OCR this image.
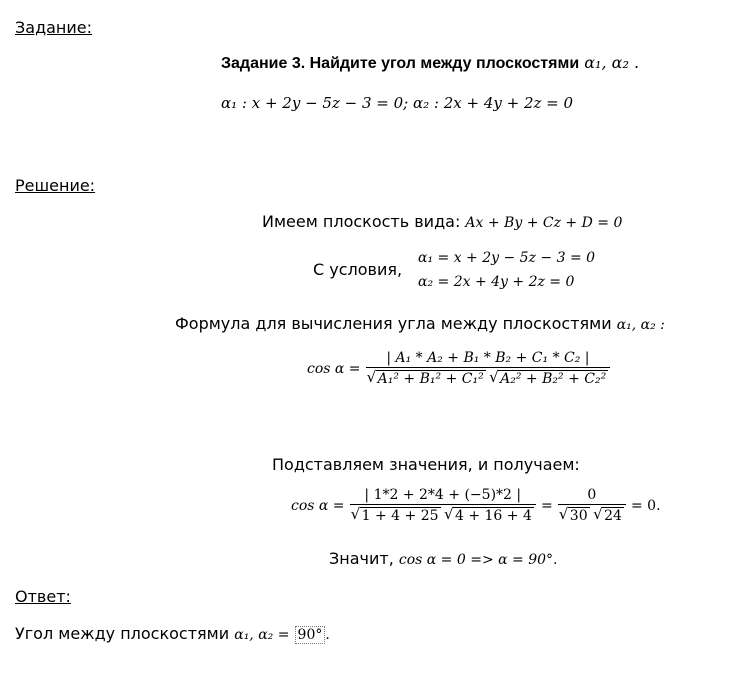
Задание:
Задание 3. Найдите угол между плоскостями α₁, α₂ .
α₁ : x + 2y − 5z − 3 = 0; α₂ : 2x + 4y + 2z = 0
Решение:
Имеем плоскость вида: Ax + By + Cz + D = 0
С условия,
α₁ = x + 2y − 5z − 3 = 0
α₂ = 2x + 4y + 2z = 0
Формула для вычисления угла между плоскостями α₁, α₂ :
cos α = | A₁ * A₂ + B₁ * B₂ + C₁ * C₂ |
√ A₁² + B₁² + C₁² √ A₂² + B₂² + C₂²
Подставляем значения, и получаем:
cos α = | 1*2 + 2*4 + (−5)*2 |
√ 1 + 4 + 25 √ 4 + 16 + 4 = 0
√ 30 √ 24 = 0.
Значит, cos α = 0 => α = 90°.
Ответ:
Угол между плоскостями α₁, α₂ = 90° .
